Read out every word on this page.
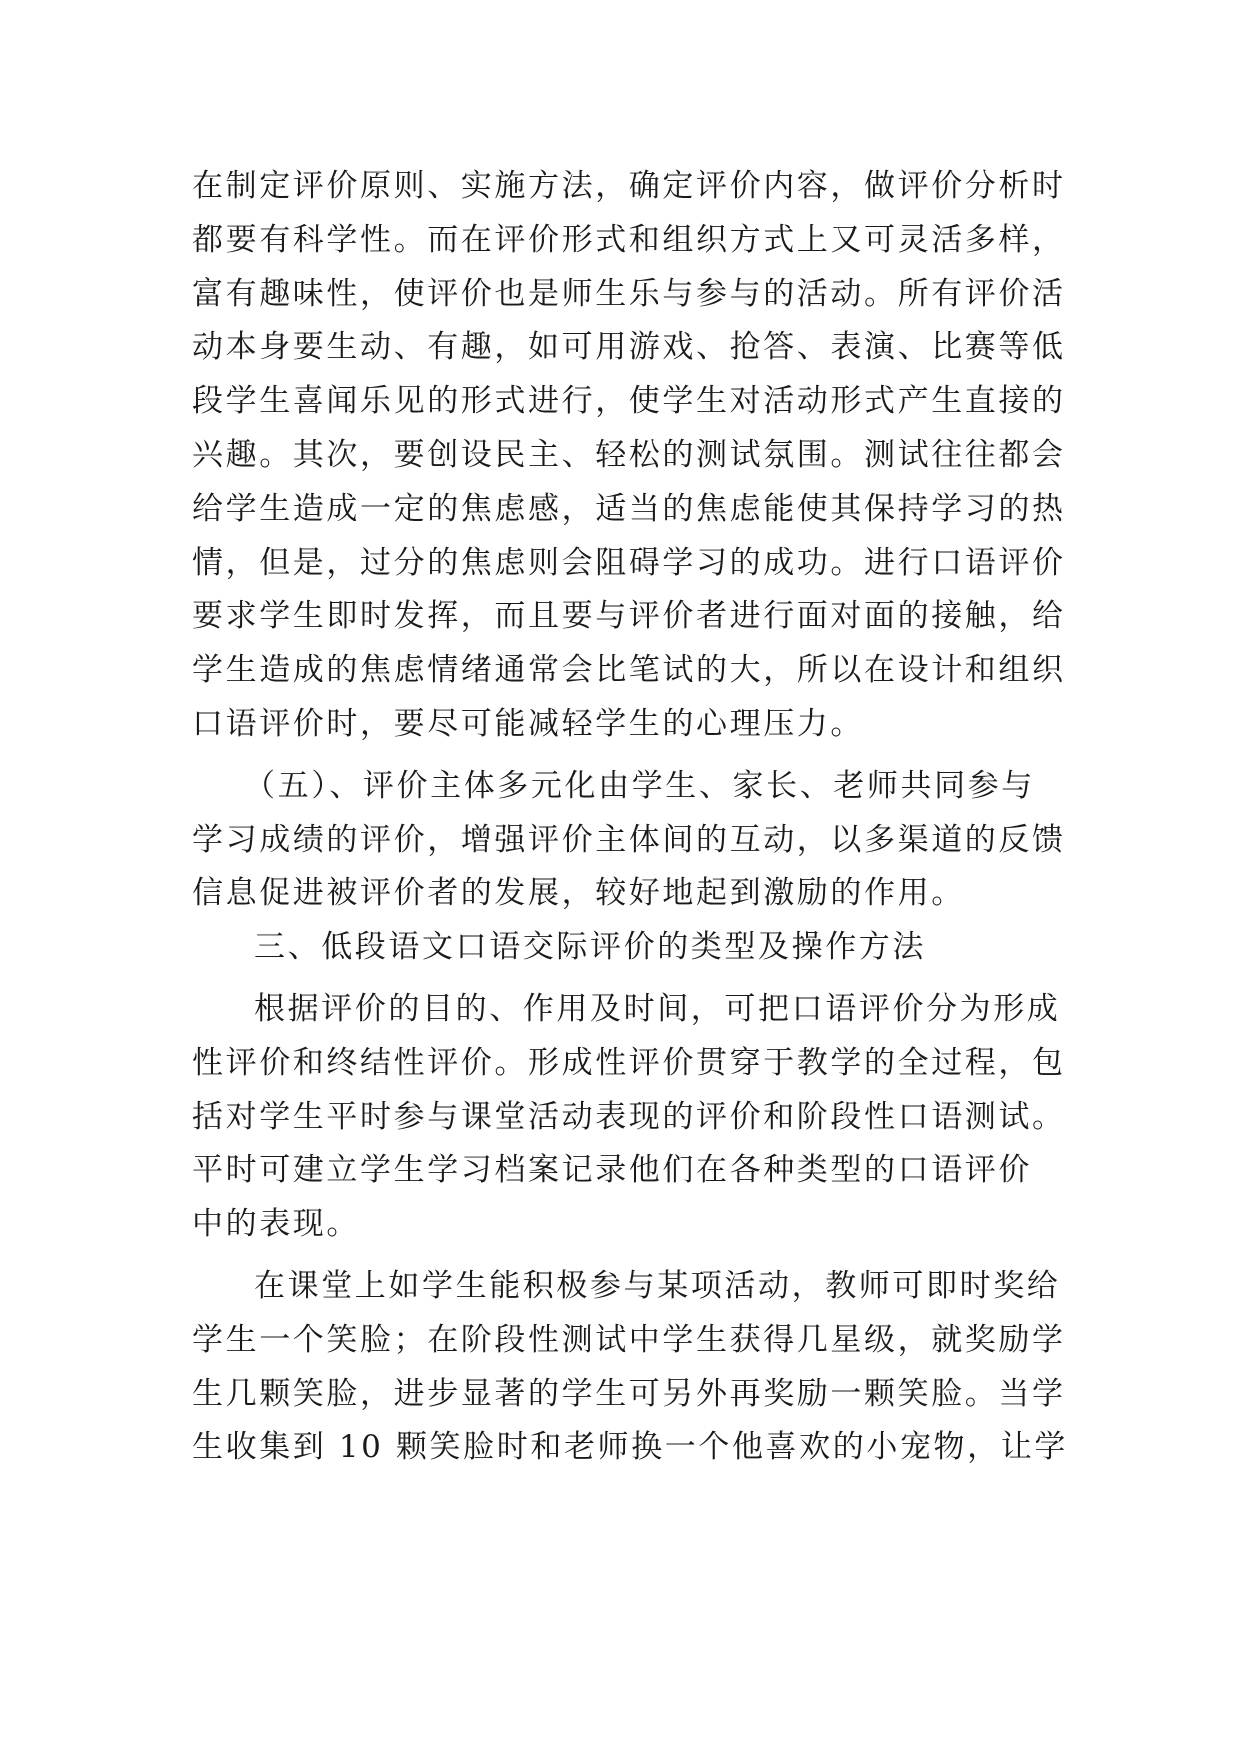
在制定评价原则、实施方法，确定评价内容，做评价分析时
都要有科学性。而在评价形式和组织方式上又可灵活多样，
富有趣味性，使评价也是师生乐与参与的活动。所有评价活
动本身要生动、有趣，如可用游戏、抢答、表演、比赛等低
段学生喜闻乐见的形式进行，使学生对活动形式产生直接的
兴趣。其次，要创设民主、轻松的测试氛围。测试往往都会
给学生造成一定的焦虑感，适当的焦虑能使其保持学习的热
情，但是，过分的焦虑则会阻碍学习的成功。进行口语评价
要求学生即时发挥，而且要与评价者进行面对面的接触，给
学生造成的焦虑情绪通常会比笔试的大，所以在设计和组织
口语评价时，要尽可能减轻学生的心理压力。
（五）、评价主体多元化由学生、家长、老师共同参与
学习成绩的评价，增强评价主体间的互动，以多渠道的反馈
信息促进被评价者的发展，较好地起到激励的作用。
三、低段语文口语交际评价的类型及操作方法
根据评价的目的、作用及时间，可把口语评价分为形成
性评价和终结性评价。形成性评价贯穿于教学的全过程，包
括对学生平时参与课堂活动表现的评价和阶段性口语测试。
平时可建立学生学习档案记录他们在各种类型的口语评价
中的表现。
在课堂上如学生能积极参与某项活动，教师可即时奖给
学生一个笑脸；在阶段性测试中学生获得几星级，就奖励学
生几颗笑脸，进步显著的学生可另外再奖励一颗笑脸。当学
生收集到 10 颗笑脸时和老师换一个他喜欢的小宠物，让学
